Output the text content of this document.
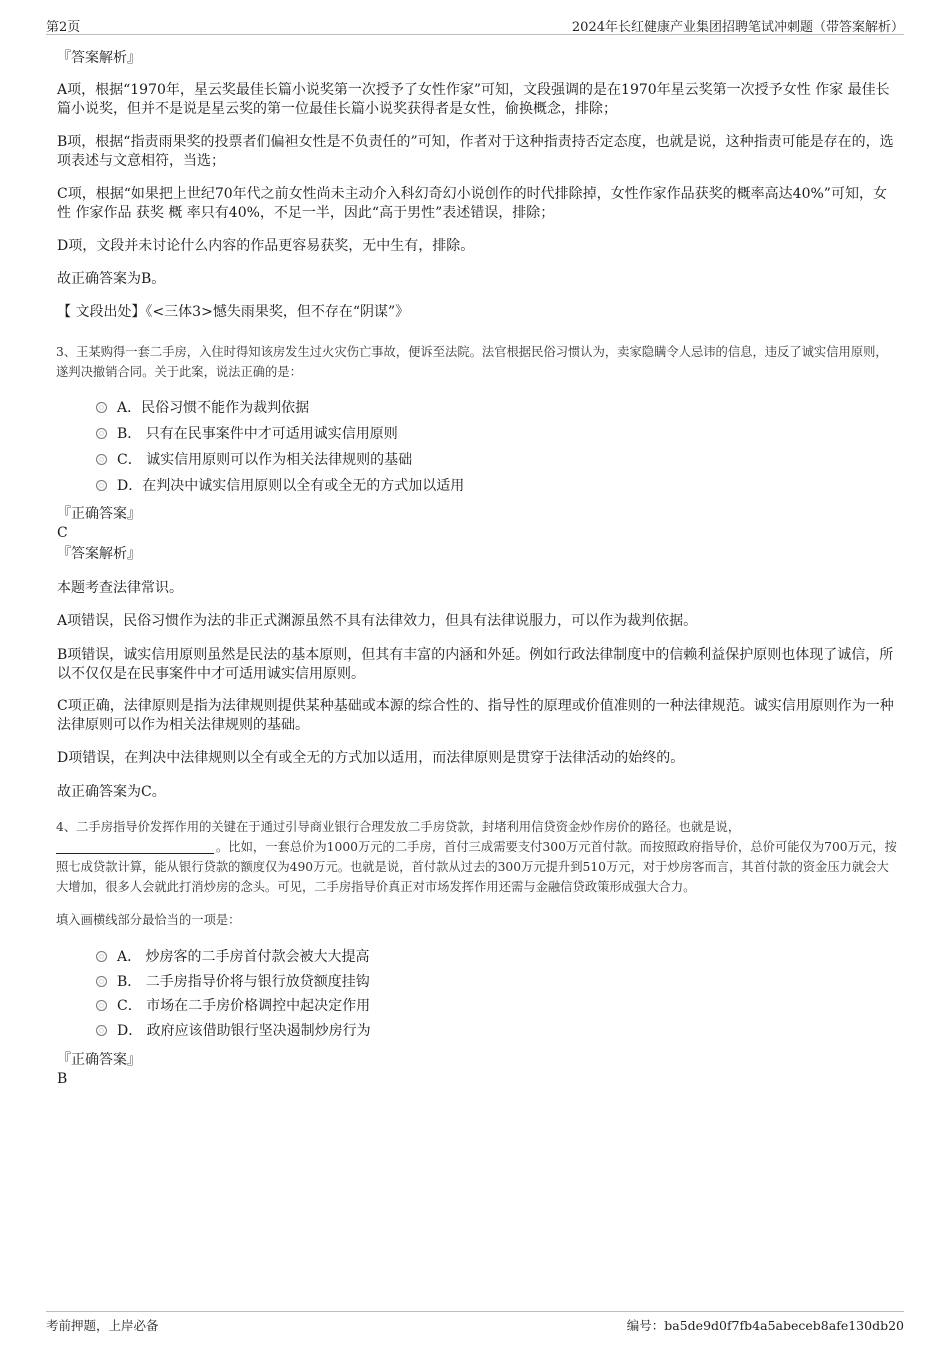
第2页	2024年长红健康产业集团招聘笔试冲刺题（带答案解析）
『答案解析』
A项，根据“1970年，星云奖最佳长篇小说奖第一次授予了女性作家”可知，文段强调的是在1970年星云奖第一次授予女性 作家 最佳长篇小说奖，但并不是说是星云奖的第一位最佳长篇小说奖获得者是女性，偷换概念，排除；
B项，根据“指责雨果奖的投票者们偏袒女性是不负责任的”可知，作者对于这种指责持否定态度，也就是说，这种指责可能是存在的，选项表述与文意相符，当选；
C项，根据“如果把上世纪70年代之前女性尚未主动介入科幻奇幻小说创作的时代排除掉，女性作家作品获奖的概率高达40%”可知，女性 作家作品 获奖 概 率只有40%，不足一半，因此“高于男性”表述错误，排除；
D项，文段并未讨论什么内容的作品更容易获奖，无中生有，排除。
故正确答案为B。
【 文段出处】《<三体3>憾失雨果奖，但不存在“阴谋”》
3、王某购得一套二手房，入住时得知该房发生过火灾伤亡事故，便诉至法院。法官根据民俗习惯认为，卖家隐瞒令人忌讳的信息，违反了诚实信用原则，遂判决撤销合同。关于此案，说法正确的是：
A．民俗习惯不能作为裁判依据
B． 只有在民事案件中才可适用诚实信用原则
C． 诚实信用原则可以作为相关法律规则的基础
D．在判决中诚实信用原则以全有或全无的方式加以适用
『正确答案』
C
『答案解析』
本题考查法律常识。
A项错误，民俗习惯作为法的非正式渊源虽然不具有法律效力，但具有法律说服力，可以作为裁判依据。
B项错误，诚实信用原则虽然是民法的基本原则，但其有丰富的内涵和外延。例如行政法律制度中的信赖利益保护原则也体现了诚信，所以不仅仅是在民事案件中才可适用诚实信用原则。
C项正确，法律原则是指为法律规则提供某种基础或本源的综合性的、指导性的原理或价值准则的一种法律规范。诚实信用原则作为一种法律原则可以作为相关法律规则的基础。
D项错误，在判决中法律规则以全有或全无的方式加以适用，而法律原则是贯穿于法律活动的始终的。
故正确答案为C。
4、二手房指导价发挥作用的关键在于通过引导商业银行合理发放二手房贷款，封堵利用信贷资金炒作房价的路径。也就是说，。比如，一套总价为1000万元的二手房，首付三成需要支付300万元首付款。而按照政府指导价，总价可能仅为700万元，按照七成贷款计算，能从银行贷款的额度仅为490万元。也就是说，首付款从过去的300万元提升到510万元，对于炒房客而言，其首付款的资金压力就会大大增加，很多人会就此打消炒房的念头。可见，二手房指导价真正对市场发挥作用还需与金融信贷政策形成强大合力。
填入画横线部分最恰当的一项是：
A． 炒房客的二手房首付款会被大大提高
B． 二手房指导价将与银行放贷额度挂钩
C． 市场在二手房价格调控中起决定作用
D． 政府应该借助银行坚决遏制炒房行为
『正确答案』
B
考前押题，上岸必备	编号：ba5de9d0f7fb4a5abeceb8afe130db20
